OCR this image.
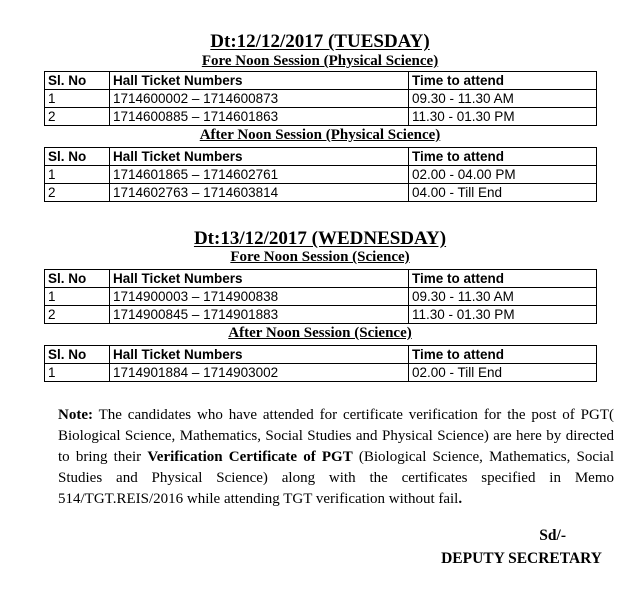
Dt:12/12/2017 (TUESDAY)
Fore Noon Session (Physical Science)
Sl. No	Hall Ticket Numbers	Time to attend
1	1714600002 – 1714600873	09.30 - 11.30 AM
2	1714600885 – 1714601863	11.30 - 01.30 PM
After Noon Session (Physical Science)
Sl. No	Hall Ticket Numbers	Time to attend
1	1714601865 – 1714602761	02.00 - 04.00 PM
2	1714602763 – 1714603814	04.00 - Till End
Dt:13/12/2017 (WEDNESDAY)
Fore Noon Session (Science)
Sl. No	Hall Ticket Numbers	Time to attend
1	1714900003 – 1714900838	09.30 - 11.30 AM
2	1714900845 – 1714901883	11.30 - 01.30 PM
After Noon Session (Science)
Sl. No	Hall Ticket Numbers	Time to attend
1	1714901884 – 1714903002	02.00 - Till End

Note: The candidates who have attended for certificate verification for the post of PGT( Biological Science, Mathematics, Social Studies and Physical Science) are here by directed to bring their Verification Certificate of PGT (Biological Science, Mathematics, Social Studies and Physical Science) along with the certificates specified in Memo 514/TGT.REIS/2016 while attending TGT verification without fail.

Sd/-
DEPUTY SECRETARY
